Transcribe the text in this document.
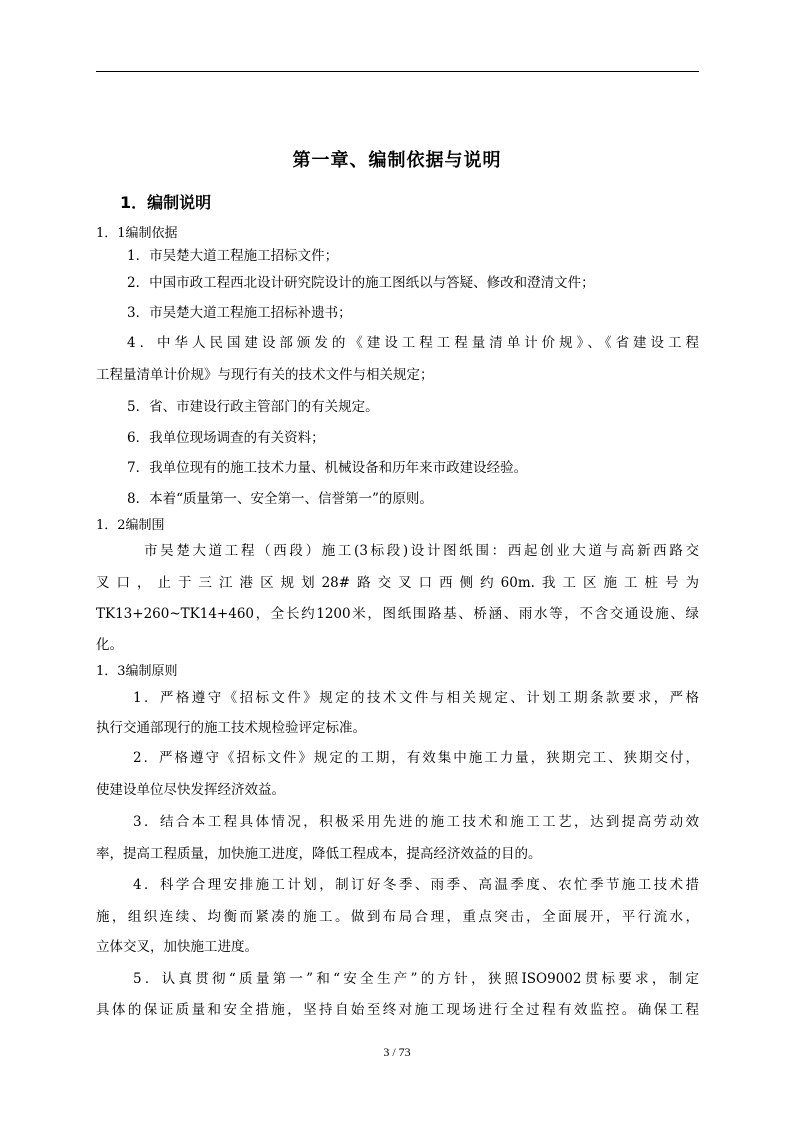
第一章、编制依据与说明
1．编制说明
1．1编制依据
1．市吴楚大道工程施工招标文件；
2．中国市政工程西北设计研究院设计的施工图纸以与答疑、修改和澄清文件；
3．市吴楚大道工程施工招标补遗书；
4．中华人民国建设部颁发的《建设工程工程量清单计价规》、《省建设工程
工程量清单计价规》与现行有关的技术文件与相关规定；
5．省、市建设行政主管部门的有关规定。
6．我单位现场调查的有关资料；
7．我单位现有的施工技术力量、机械设备和历年来市政建设经验。
8．本着“质量第一、安全第一、信誉第一”的原则。
1．2编制围
市吴楚大道工程（西段）施工(3标段)设计图纸围：西起创业大道与高新西路交
叉口，止于三江港区规划28#路交叉口西侧约60m.我工区施工桩号为
TK13+260~TK14+460，全长约1200米，图纸围路基、桥涵、雨水等，不含交通设施、绿
化。
1．3编制原则
1．严格遵守《招标文件》规定的技术文件与相关规定、计划工期条款要求，严格
执行交通部现行的施工技术规检验评定标准。
2．严格遵守《招标文件》规定的工期，有效集中施工力量，狭期完工、狭期交付，
使建设单位尽快发挥经济效益。
3．结合本工程具体情况，积极采用先进的施工技术和施工工艺，达到提高劳动效
率，提高工程质量，加快施工进度，降低工程成本，提高经济效益的目的。
4．科学合理安排施工计划，制订好冬季、雨季、高温季度、农忙季节施工技术措
施，组织连续、均衡而紧凑的施工。做到布局合理，重点突击，全面展开，平行流水，
立体交叉，加快施工进度。
5．认真贯彻“质量第一”和“安全生产”的方针，狭照ISO9002贯标要求，制定
具体的保证质量和安全措施，坚持自始至终对施工现场进行全过程有效监控。确保工程
3 / 73
